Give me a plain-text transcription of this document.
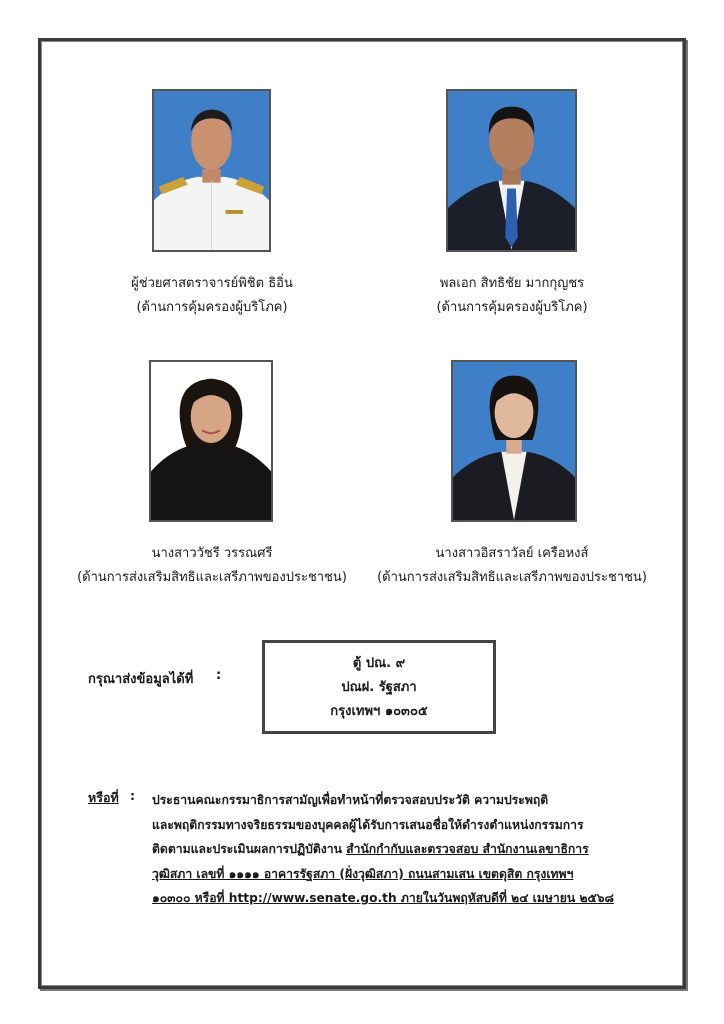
ผู้ช่วยศาสตราจารย์พิชิต ธิอิ่น
(ด้านการคุ้มครองผู้บริโภค)
พลเอก สิทธิชัย มากกุญชร
(ด้านการคุ้มครองผู้บริโภค)
นางสาววัชรี วรรณศรี
(ด้านการส่งเสริมสิทธิและเสรีภาพของประชาชน)
นางสาวอิสราวัลย์ เครือหงส์
(ด้านการส่งเสริมสิทธิและเสรีภาพของประชาชน)
กรุณาส่งข้อมูลได้ที่ :
ตู้ ปณ. ๙
ปณฝ. รัฐสภา
กรุงเทพฯ ๑๐๓๐๕
หรือที่ : ประธานคณะกรรมาธิการสามัญเพื่อทำหน้าที่ตรวจสอบประวัติ ความประพฤติ
และพฤติกรรมทางจริยธรรมของบุคคลผู้ได้รับการเสนอชื่อให้ดำรงตำแหน่งกรรมการ
ติดตามและประเมินผลการปฏิบัติงาน สำนักกำกับและตรวจสอบ สำนักงานเลขาธิการ
วุฒิสภา เลขที่ ๑๑๑๑ อาคารรัฐสภา (ฝั่งวุฒิสภา) ถนนสามเสน เขตดุสิต กรุงเทพฯ
๑๐๓๐๐ หรือที่ http://www.senate.go.th ภายในวันพฤหัสบดีที่ ๒๔ เมษายน ๒๕๖๘
